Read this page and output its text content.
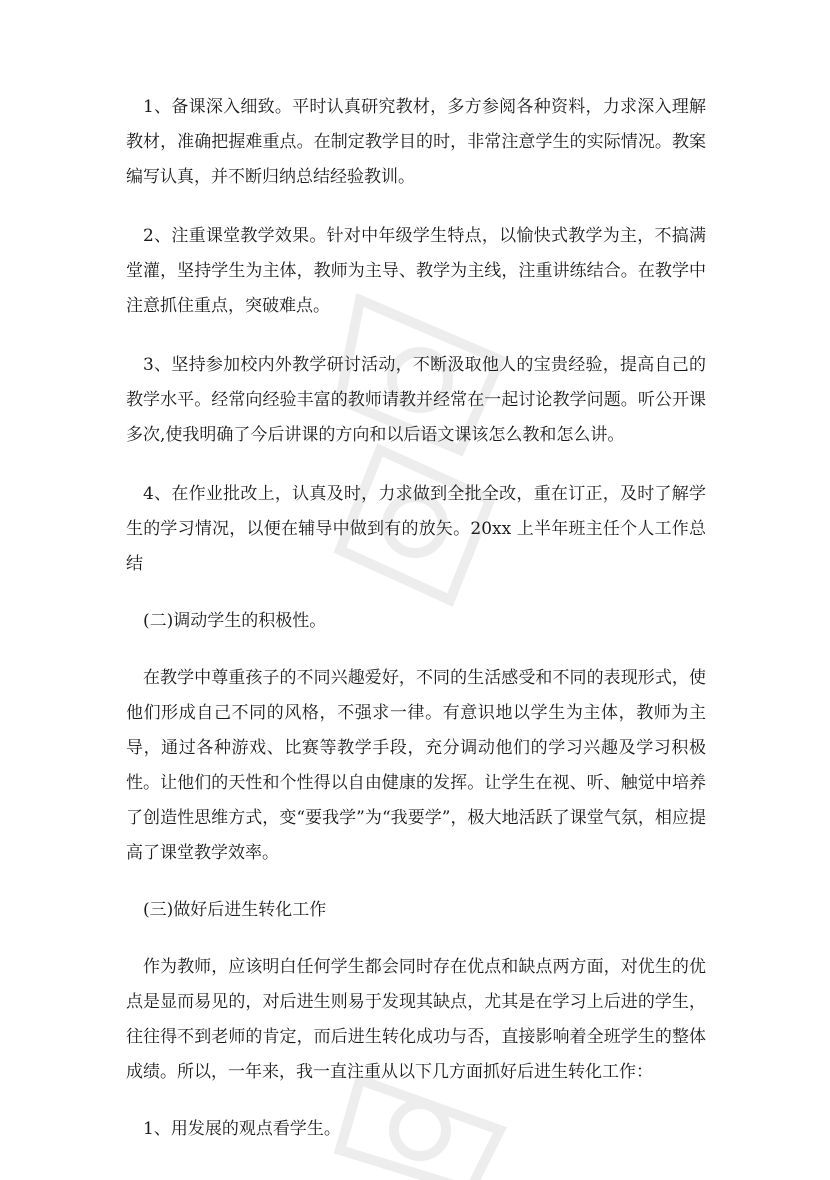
1、备课深入细致。平时认真研究教材，多方参阅各种资料，力求深入理解教材，准确把握难重点。在制定教学目的时，非常注意学生的实际情况。教案编写认真，并不断归纳总结经验教训。

2、注重课堂教学效果。针对中年级学生特点，以愉快式教学为主，不搞满堂灌，坚持学生为主体，教师为主导、教学为主线，注重讲练结合。在教学中注意抓住重点，突破难点。

3、坚持参加校内外教学研讨活动，不断汲取他人的宝贵经验，提高自己的教学水平。经常向经验丰富的教师请教并经常在一起讨论教学问题。听公开课多次,使我明确了今后讲课的方向和以后语文课该怎么教和怎么讲。

4、在作业批改上，认真及时，力求做到全批全改，重在订正，及时了解学生的学习情况，以便在辅导中做到有的放矢。20xx 上半年班主任个人工作总结

(二)调动学生的积极性。

在教学中尊重孩子的不同兴趣爱好，不同的生活感受和不同的表现形式，使他们形成自己不同的风格，不强求一律。有意识地以学生为主体，教师为主导，通过各种游戏、比赛等教学手段，充分调动他们的学习兴趣及学习积极性。让他们的天性和个性得以自由健康的发挥。让学生在视、听、触觉中培养了创造性思维方式，变“要我学”为“我要学”，极大地活跃了课堂气氛，相应提高了课堂教学效率。

(三)做好后进生转化工作

作为教师，应该明白任何学生都会同时存在优点和缺点两方面，对优生的优点是显而易见的，对后进生则易于发现其缺点，尤其是在学习上后进的学生，往往得不到老师的肯定，而后进生转化成功与否，直接影响着全班学生的整体成绩。所以，一年来，我一直注重从以下几方面抓好后进生转化工作：

1、用发展的观点看学生。
